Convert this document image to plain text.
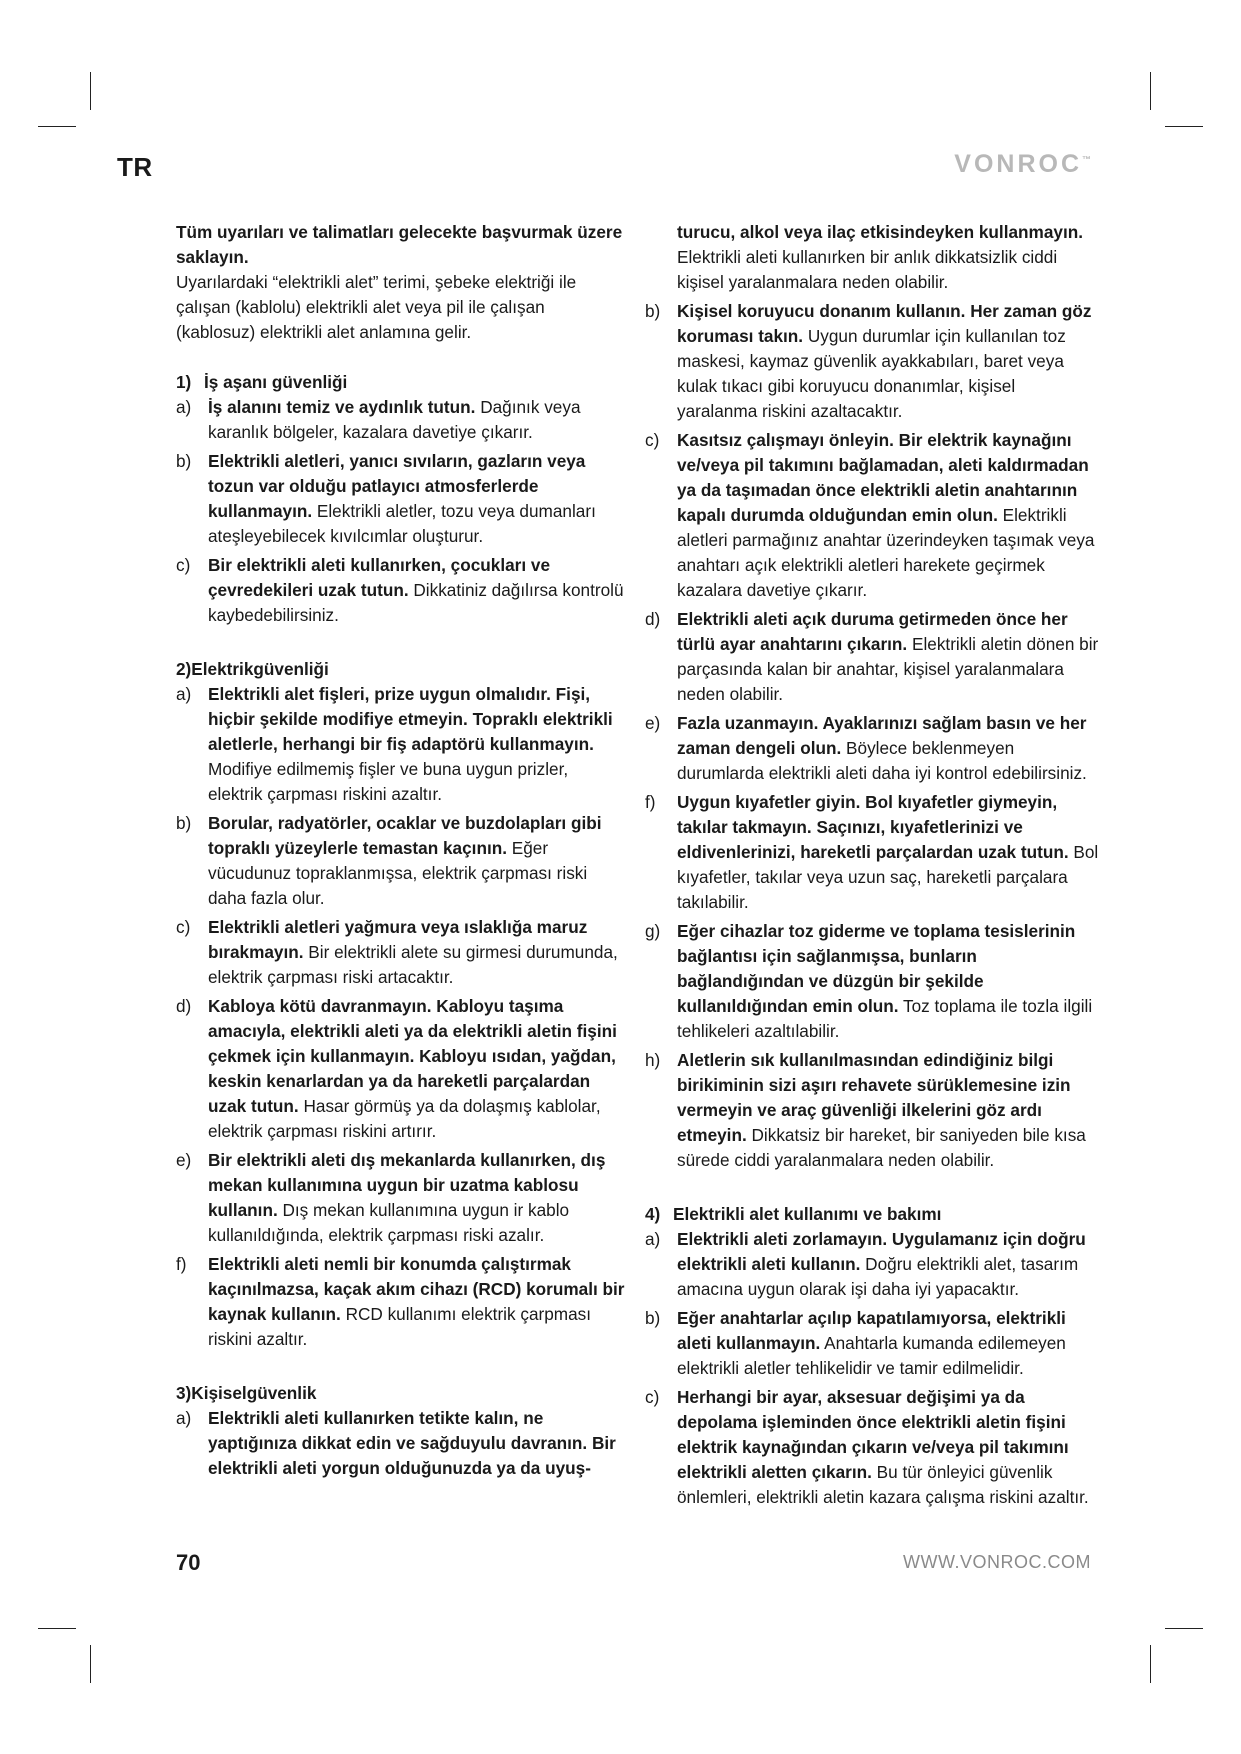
TR	VONROC™

Tüm uyarıları ve talimatları gelecekte başvurmak üzere saklayın.
Uyarılardaki “elektrikli alet” terimi, şebeke elektriği ile çalışan (kablolu) elektrikli alet veya pil ile çalışan (kablosuz) elektrikli alet anlamına gelir.

1) İş aşanı güvenliği

a) İş alanını temiz ve aydınlık tutun. Dağınık veya karanlık bölgeler, kazalara davetiye çıkarır.
b) Elektrikli aletleri, yanıcı sıvıların, gazların veya tozun var olduğu patlayıcı atmosferlerde kullanmayın. Elektrikli aletler, tozu veya dumanları ateşleyebilecek kıvılcımlar oluşturur.
c) Bir elektrikli aleti kullanırken, çocukları ve çevredekileri uzak tutun. Dikkatiniz dağılırsa kontrolü kaybedebilirsiniz.

2)Elektrikgüvenliği

a) Elektrikli alet fişleri, prize uygun olmalıdır. Fişi, hiçbir şekilde modifiye etmeyin. Topraklı elektrikli aletlerle, herhangi bir fiş adaptörü kullanmayın. Modifiye edilmemiş fişler ve buna uygun prizler, elektrik çarpması riskini azaltır.
b) Borular, radyatörler, ocaklar ve buzdolapları gibi topraklı yüzeylerle temastan kaçının. Eğer vücudunuz topraklanmışsa, elektrik çarpması riski daha fazla olur.
c) Elektrikli aletleri yağmura veya ıslaklığa maruz bırakmayın. Bir elektrikli alete su girmesi durumunda, elektrik çarpması riski artacaktır.
d) Kabloya kötü davranmayın. Kabloyu taşıma amacıyla, elektrikli aleti ya da elektrikli aletin fişini çekmek için kullanmayın. Kabloyu ısıdan, yağdan, keskin kenarlardan ya da hareketli parçalardan uzak tutun. Hasar görmüş ya da dolaşmış kablolar, elektrik çarpması riskini artırır.
e) Bir elektrikli aleti dış mekanlarda kullanırken, dış mekan kullanımına uygun bir uzatma kablosu kullanın. Dış mekan kullanımına uygun ir kablo kullanıldığında, elektrik çarpması riski azalır.
f) Elektrikli aleti nemli bir konumda çalıştırmak kaçınılmazsa, kaçak akım cihazı (RCD) korumalı bir kaynak kullanın. RCD kullanımı elektrik çarpması riskini azaltır.

3)Kişiselgüvenlik

a) Elektrikli aleti kullanırken tetikte kalın, ne yaptığınıza dikkat edin ve sağduyulu davranın. Bir elektrikli aleti yorgun olduğunuzda ya da uyuş-

turucu, alkol veya ilaç etkisindeyken kullanmayın. Elektrikli aleti kullanırken bir anlık dikkatsizlik ciddi kişisel yaralanmalara neden olabilir.

b) Kişisel koruyucu donanım kullanın. Her zaman göz koruması takın. Uygun durumlar için kullanılan toz maskesi, kaymaz güvenlik ayakkabıları, baret veya kulak tıkacı gibi koruyucu donanımlar, kişisel yaralanma riskini azaltacaktır.
c) Kasıtsız çalışmayı önleyin. Bir elektrik kaynağını ve/veya pil takımını bağlamadan, aleti kaldırmadan ya da taşımadan önce elektrikli aletin anahtarının kapalı durumda olduğundan emin olun. Elektrikli aletleri parmağınız anahtar üzerindeyken taşımak veya anahtarı açık elektrikli aletleri harekete geçirmek kazalara davetiye çıkarır.
d) Elektrikli aleti açık duruma getirmeden önce her türlü ayar anahtarını çıkarın. Elektrikli aletin dönen bir parçasında kalan bir anahtar, kişisel yaralanmalara neden olabilir.
e) Fazla uzanmayın. Ayaklarınızı sağlam basın ve her zaman dengeli olun. Böylece beklenmeyen durumlarda elektrikli aleti daha iyi kontrol edebilirsiniz.
f) Uygun kıyafetler giyin. Bol kıyafetler giymeyin, takılar takmayın. Saçınızı, kıyafetlerinizi ve eldivenlerinizi, hareketli parçalardan uzak tutun. Bol kıyafetler, takılar veya uzun saç, hareketli parçalara takılabilir.
g) Eğer cihazlar toz giderme ve toplama tesislerinin bağlantısı için sağlanmışsa, bunların bağlandığından ve düzgün bir şekilde kullanıldığından emin olun. Toz toplama ile tozla ilgili tehlikeleri azaltılabilir.
h) Aletlerin sık kullanılmasından edindiğiniz bilgi birikiminin sizi aşırı rehavete sürüklemesine izin vermeyin ve araç güvenliği ilkelerini göz ardı etmeyin. Dikkatsiz bir hareket, bir saniyeden bile kısa sürede ciddi yaralanmalara neden olabilir.

4) Elektrikli alet kullanımı ve bakımı

a) Elektrikli aleti zorlamayın. Uygulamanız için doğru elektrikli aleti kullanın. Doğru elektrikli alet, tasarım amacına uygun olarak işi daha iyi yapacaktır.
b) Eğer anahtarlar açılıp kapatılamıyorsa, elektrikli aleti kullanmayın. Anahtarla kumanda edilemeyen elektrikli aletler tehlikelidir ve tamir edilmelidir.
c) Herhangi bir ayar, aksesuar değişimi ya da depolama işleminden önce elektrikli aletin fişini elektrik kaynağından çıkarın ve/veya pil takımını elektrikli aletten çıkarın. Bu tür önleyici güvenlik önlemleri, elektrikli aletin kazara çalışma riskini azaltır.
70	WWW.VONROC.COM
